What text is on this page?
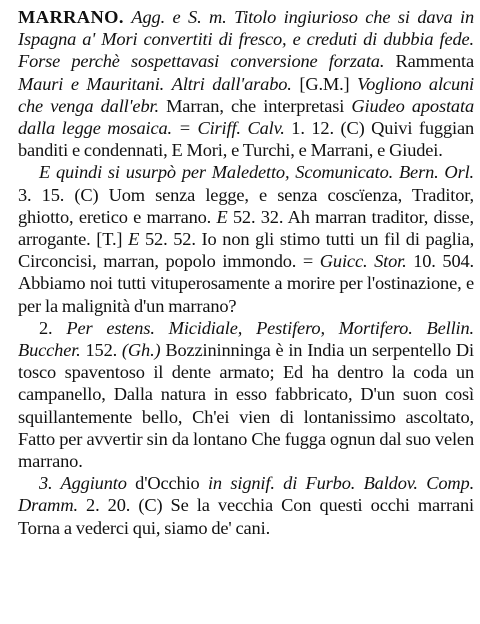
MARRANO. Agg. e S. m. Titolo ingiurioso che si dava in Ispagna a' Mori convertiti di fresco, e creduti di dubbia fede. Forse perchè sospettavasi conversione forzata. Rammenta Mauri e Mauritani. Altri dall'arabo. [G.M.] Vogliono alcuni che venga dall'ebr. Marran, che interpretasi Giudeo apostata dalla legge mosaica. = Ciriff. Calv. 1. 12. (C) Quivi fuggian banditi e condennati, E Mori, e Turchi, e Marrani, e Giudei.

E quindi si usurpò per Maledetto, Scomunicato. Bern. Orl. 3. 15. (C) Uom senza legge, e senza coscïenza, Traditor, ghiotto, eretico e marrano. E 52. 32. Ah marran traditor, disse, arrogante. [T.] E 52. 52. Io non gli stimo tutti un fil di paglia, Circoncisi, marran, popolo immondo. = Guicc. Stor. 10. 504. Abbiamo noi tutti vituperosamente a morire per l'ostinazione, e per la malignità d'un marrano?

2. Per estens. Micidiale, Pestifero, Mortifero. Bellin. Buccher. 152. (Gh.) Bozzininninga è in India un serpentello Di tosco spaventoso il dente armato; Ed ha dentro la coda un campanello, Dalla natura in esso fabbricato, D'un suon così squillantemente bello, Ch'ei vien di lontanissimo ascoltato, Fatto per avvertir sin da lontano Che fugga ognun dal suo velen marrano.

3. Aggiunto d'Occhio in signif. di Furbo. Baldov. Comp. Dramm. 2. 20. (C) Se la vecchia Con questi occhi marrani Torna a vederci qui, siamo de' cani.
